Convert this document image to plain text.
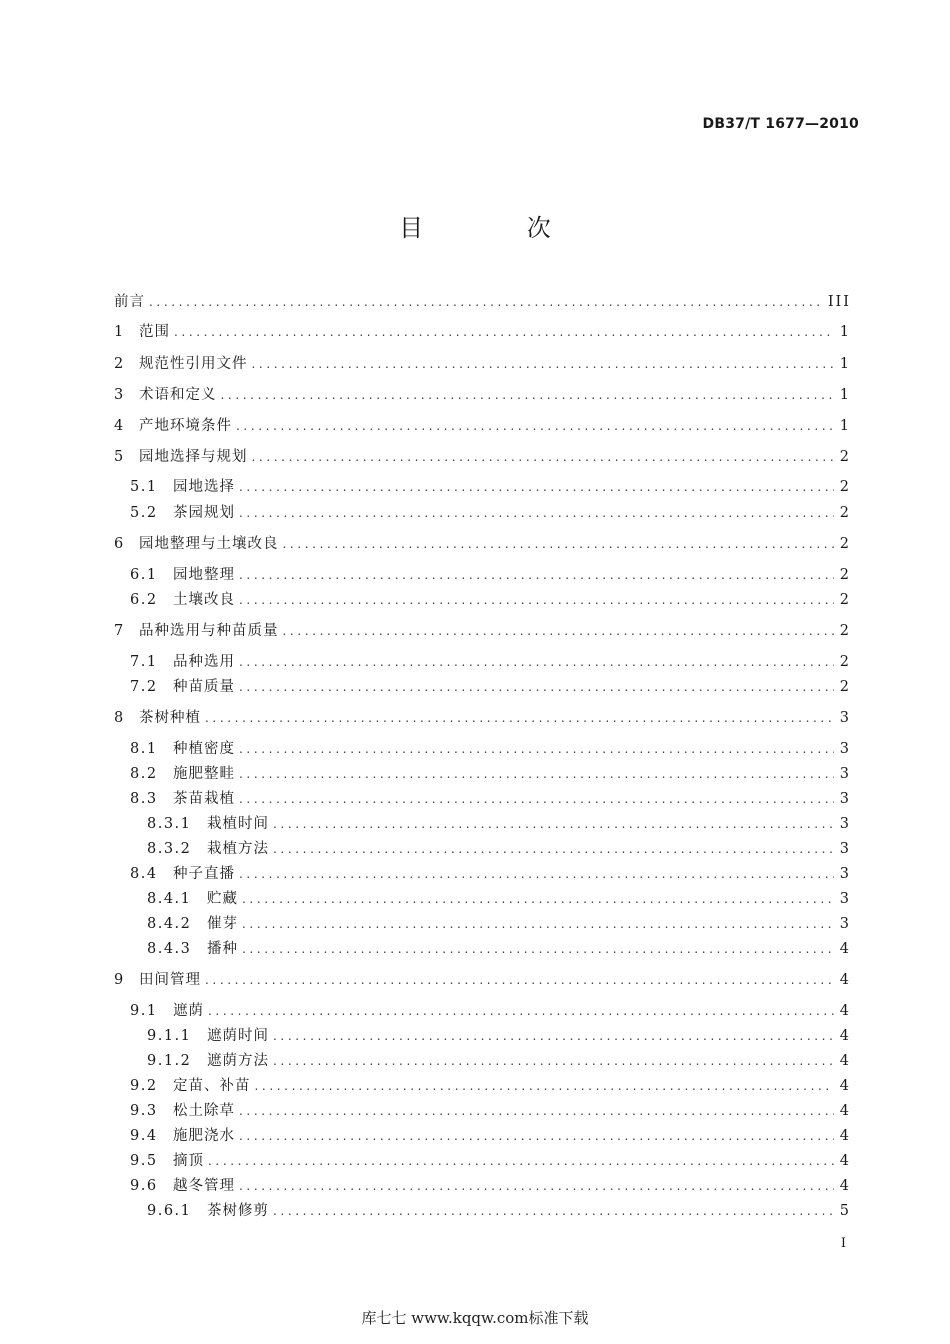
DB37/T 1677—2010
目 次
前言 .....	III
1 范围 .....	1
2 规范性引用文件 .....	1
3 术语和定义 .....	1
4 产地环境条件 .....	1
5 园地选择与规划 .....	2
5.1	园地选择 .....	2
5.2	茶园规划 .....	2
6 园地整理与土壤改良 .....	2
6.1	园地整理 .....	2
6.2	土壤改良 .....	2
7 品种选用与种苗质量 .....	2
7.1	品种选用 .....	2
7.2	种苗质量 .....	2
8 茶树种植 .....	3
8.1	种植密度 .....	3
8.2	施肥整畦 .....	3
8.3	茶苗栽植 .....	3
8.3.1	栽植时间 .....	3
8.3.2	栽植方法 .....	3
8.4	种子直播 .....	3
8.4.1	贮藏 .....	3
8.4.2	催芽 .....	3
8.4.3	播种 .....	4
9 田间管理 .....	4
9.1	遮荫 .....	4
9.1.1	遮荫时间 .....	4
9.1.2	遮荫方法 .....	4
9.2	定苗、补苗 .....	4
9.3	松土除草 .....	4
9.4	施肥浇水 .....	4
9.5	摘顶 .....	4
9.6	越冬管理 .....	4
9.6.1	茶树修剪 .....	5
I
库七七 www.kqqw.com标准下载
